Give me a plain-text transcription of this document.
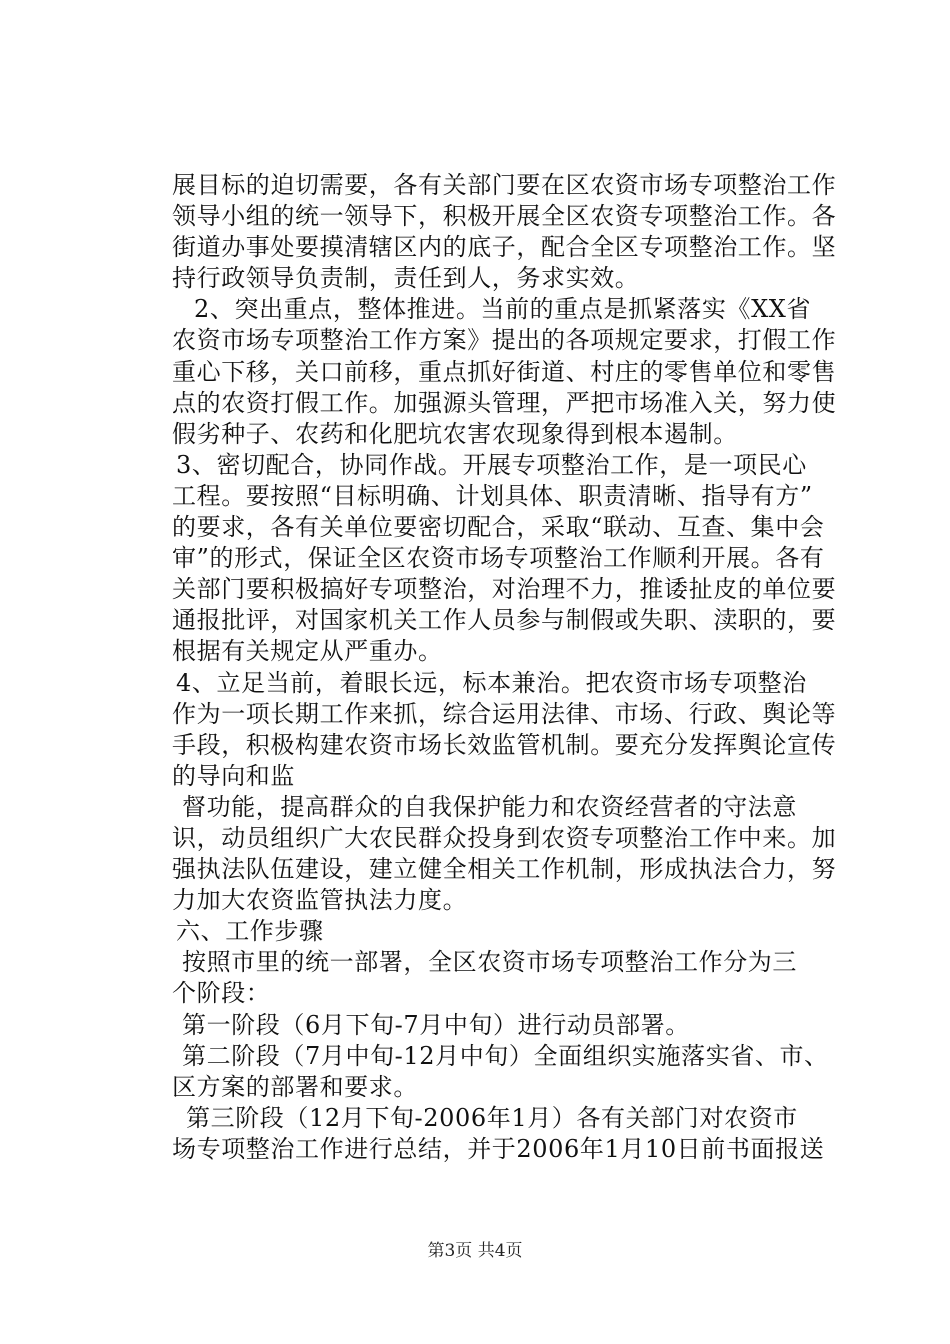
展目标的迫切需要，各有关部门要在区农资市场专项整治工作
领导小组的统一领导下，积极开展全区农资专项整治工作。各
街道办事处要摸清辖区内的底子，配合全区专项整治工作。坚
持行政领导负责制，责任到人，务求实效。
2、突出重点，整体推进。当前的重点是抓紧落实《XX省
农资市场专项整治工作方案》提出的各项规定要求，打假工作
重心下移，关口前移，重点抓好街道、村庄的零售单位和零售
点的农资打假工作。加强源头管理，严把市场准入关，努力使
假劣种子、农药和化肥坑农害农现象得到根本遏制。
3、密切配合，协同作战。开展专项整治工作，是一项民心
工程。要按照“目标明确、计划具体、职责清晰、指导有方”
的要求，各有关单位要密切配合，采取“联动、互查、集中会
审”的形式，保证全区农资市场专项整治工作顺利开展。各有
关部门要积极搞好专项整治，对治理不力，推诿扯皮的单位要
通报批评，对国家机关工作人员参与制假或失职、渎职的，要
根据有关规定从严重办。
4、立足当前，着眼长远，标本兼治。把农资市场专项整治
作为一项长期工作来抓，综合运用法律、市场、行政、舆论等
手段，积极构建农资市场长效监管机制。要充分发挥舆论宣传
的导向和监
督功能，提高群众的自我保护能力和农资经营者的守法意
识，动员组织广大农民群众投身到农资专项整治工作中来。加
强执法队伍建设，建立健全相关工作机制，形成执法合力，努
力加大农资监管执法力度。
六、工作步骤
按照市里的统一部署，全区农资市场专项整治工作分为三
个阶段：
第一阶段（6月下旬-7月中旬）进行动员部署。
第二阶段（7月中旬-12月中旬）全面组织实施落实省、市、
区方案的部署和要求。
第三阶段（12月下旬-2006年1月）各有关部门对农资市
场专项整治工作进行总结，并于2006年1月10日前书面报送
第3页 共4页
